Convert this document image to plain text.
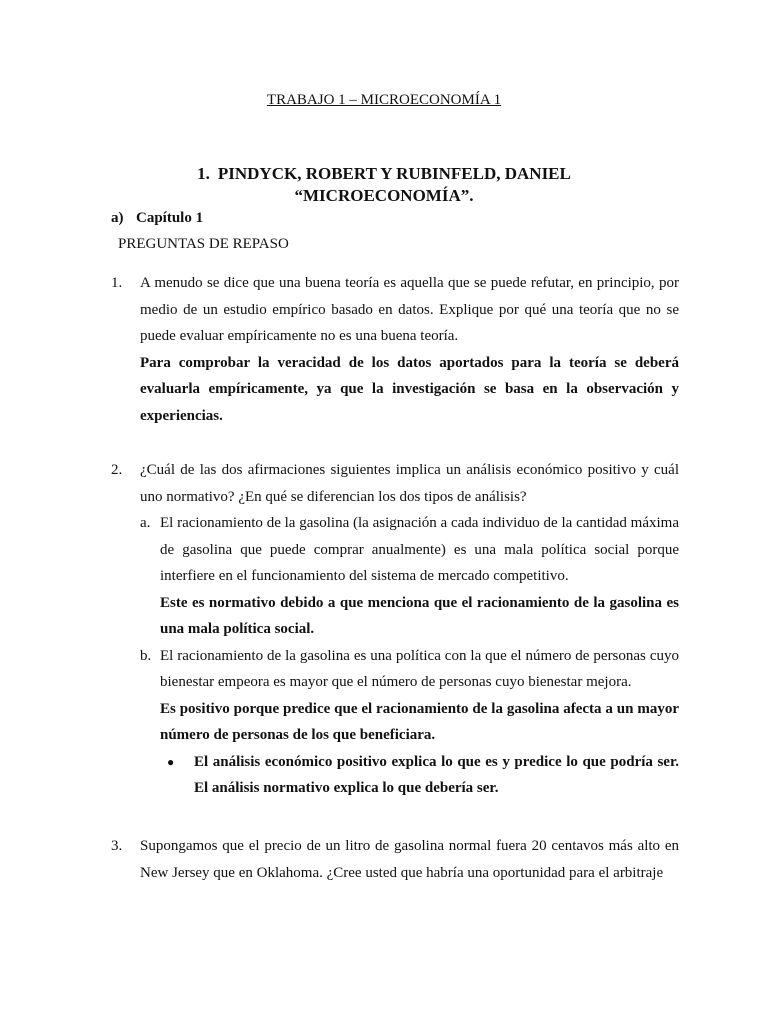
TRABAJO 1 – MICROECONOMÍA 1
1. PINDYCK, ROBERT Y RUBINFELD, DANIEL
“MICROECONOMÍA”.
a) Capítulo 1
PREGUNTAS DE REPASO
1.	A menudo se dice que una buena teoría es aquella que se puede refutar, en principio, por medio de un estudio empírico basado en datos. Explique por qué una teoría que no se puede evaluar empíricamente no es una buena teoría.
Para comprobar la veracidad de los datos aportados para la teoría se deberá evaluarla empíricamente, ya que la investigación se basa en la observación y experiencias.
2.	¿Cuál de las dos afirmaciones siguientes implica un análisis económico positivo y cuál uno normativo? ¿En qué se diferencian los dos tipos de análisis?
a. El racionamiento de la gasolina (la asignación a cada individuo de la cantidad máxima de gasolina que puede comprar anualmente) es una mala política social porque interfiere en el funcionamiento del sistema de mercado competitivo.
Este es normativo debido a que menciona que el racionamiento de la gasolina es una mala política social.
b. El racionamiento de la gasolina es una política con la que el número de personas cuyo bienestar empeora es mayor que el número de personas cuyo bienestar mejora.
Es positivo porque predice que el racionamiento de la gasolina afecta a un mayor número de personas de los que beneficiara.
●	El análisis económico positivo explica lo que es y predice lo que podría ser. El análisis normativo explica lo que debería ser.
3.	Supongamos que el precio de un litro de gasolina normal fuera 20 centavos más alto en New Jersey que en Oklahoma. ¿Cree usted que habría una oportunidad para el arbitraje
